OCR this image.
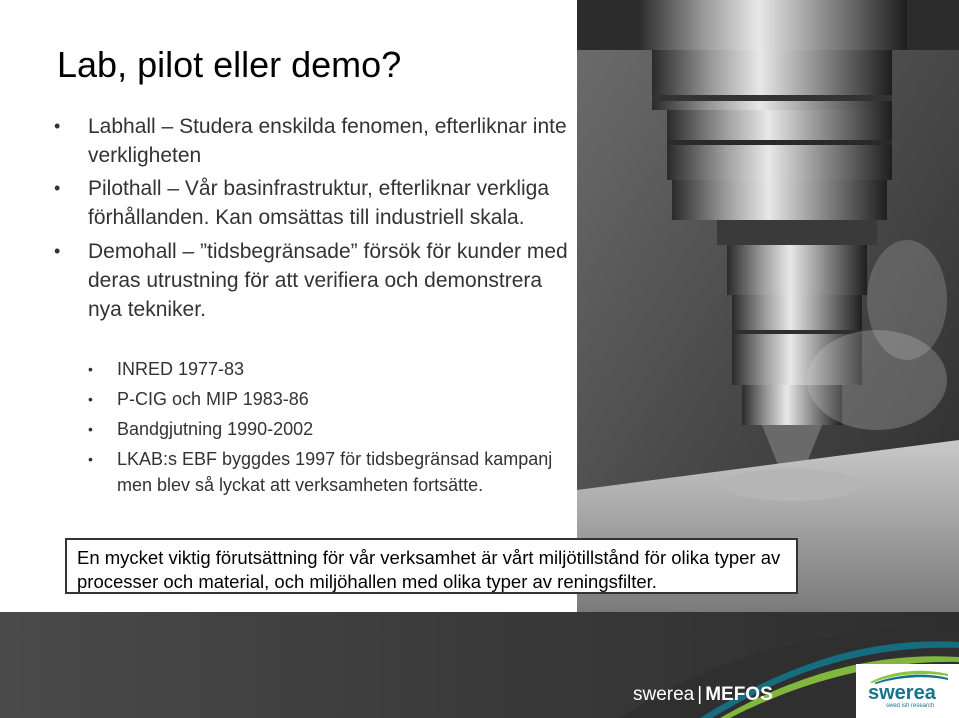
Lab, pilot eller demo?
• Labhall – Studera enskilda fenomen, efterliknar inte verkligheten
• Pilothall – Vår basinfrastruktur, efterliknar verkliga förhållanden. Kan omsättas till industriell skala.
• Demohall – ”tidsbegränsade” försök för kunder med deras utrustning för att verifiera och demonstrera nya tekniker.
• INRED 1977-83
• P-CIG och MIP 1983-86
• Bandgjutning 1990-2002
• LKAB:s EBF byggdes 1997 för tidsbegränsad kampanj men blev så lyckat att verksamheten fortsätte.
En mycket viktig förutsättning för vår verksamhet är vårt miljötillstånd för olika typer av processer och material, och miljöhallen med olika typer av reningsfilter.
swerea | MEFOS	swerea
swed ish research
